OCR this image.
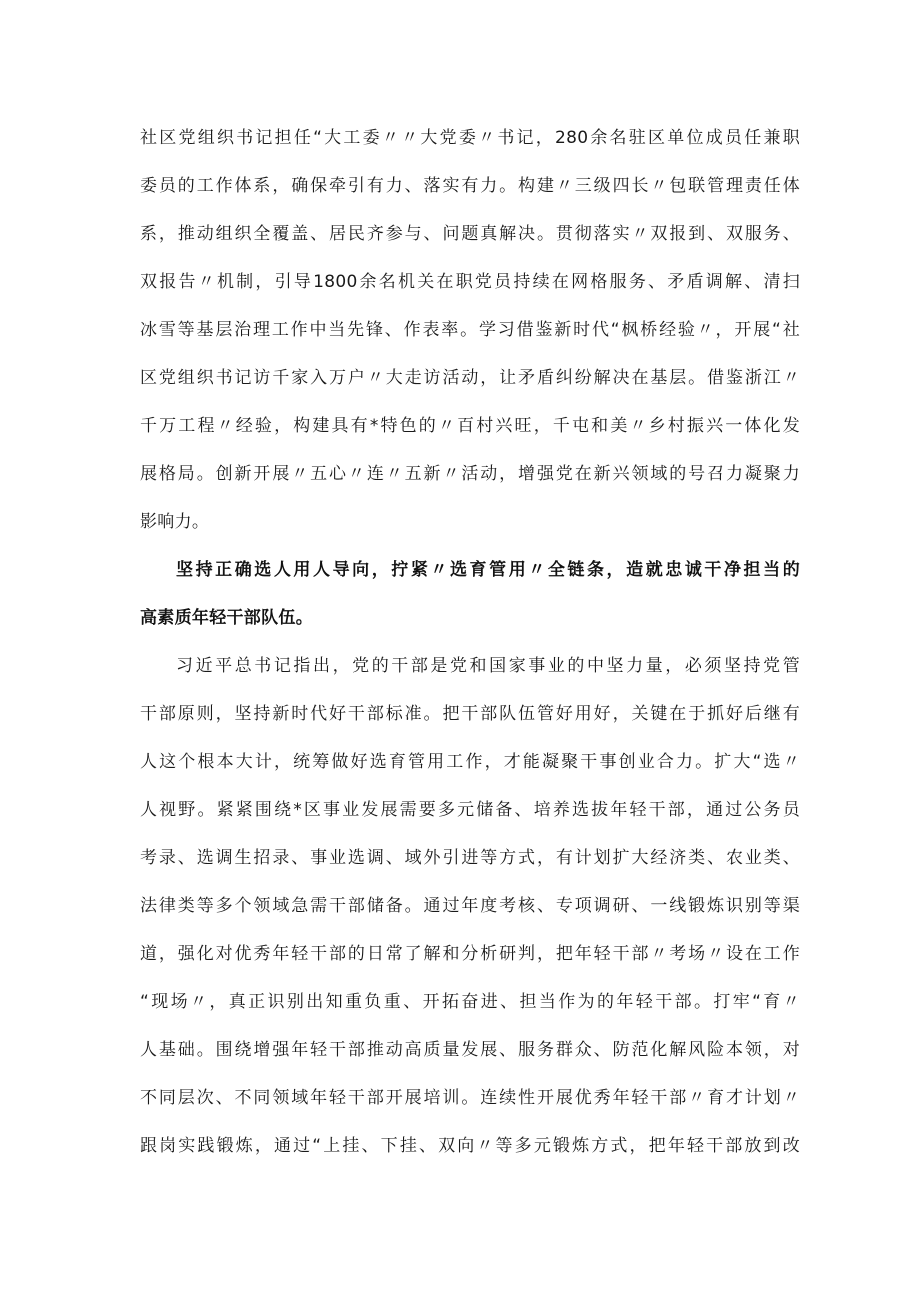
社区党组织书记担任“大工委〃〃大党委〃书记，280余名驻区单位成员任兼职
委员的工作体系，确保牵引有力、落实有力。构建〃三级四长〃包联管理责任体
系，推动组织全覆盖、居民齐参与、问题真解决。贯彻落实〃双报到、双服务、
双报告〃机制，引导1800余名机关在职党员持续在网格服务、矛盾调解、清扫
冰雪等基层治理工作中当先锋、作表率。学习借鉴新时代“枫桥经验〃，开展“社
区党组织书记访千家入万户〃大走访活动，让矛盾纠纷解决在基层。借鉴浙江〃
千万工程〃经验，构建具有*特色的〃百村兴旺，千屯和美〃乡村振兴一体化发
展格局。创新开展〃五心〃连〃五新〃活动，增强党在新兴领域的号召力凝聚力
影响力。
坚持正确选人用人导向，拧紧〃选育管用〃全链条，造就忠诚干净担当的
高素质年轻干部队伍。
习近平总书记指出，党的干部是党和国家事业的中坚力量，必须坚持党管
干部原则，坚持新时代好干部标准。把干部队伍管好用好，关键在于抓好后继有
人这个根本大计，统筹做好选育管用工作，才能凝聚干事创业合力。扩大“选〃
人视野。紧紧围绕*区事业发展需要多元储备、培养选拔年轻干部，通过公务员
考录、选调生招录、事业选调、域外引进等方式，有计划扩大经济类、农业类、
法律类等多个领域急需干部储备。通过年度考核、专项调研、一线锻炼识别等渠
道，强化对优秀年轻干部的日常了解和分析研判，把年轻干部〃考场〃设在工作
“现场〃，真正识别出知重负重、开拓奋进、担当作为的年轻干部。打牢“育〃
人基础。围绕增强年轻干部推动高质量发展、服务群众、防范化解风险本领，对
不同层次、不同领域年轻干部开展培训。连续性开展优秀年轻干部〃育才计划〃
跟岗实践锻炼，通过“上挂、下挂、双向〃等多元锻炼方式，把年轻干部放到改
